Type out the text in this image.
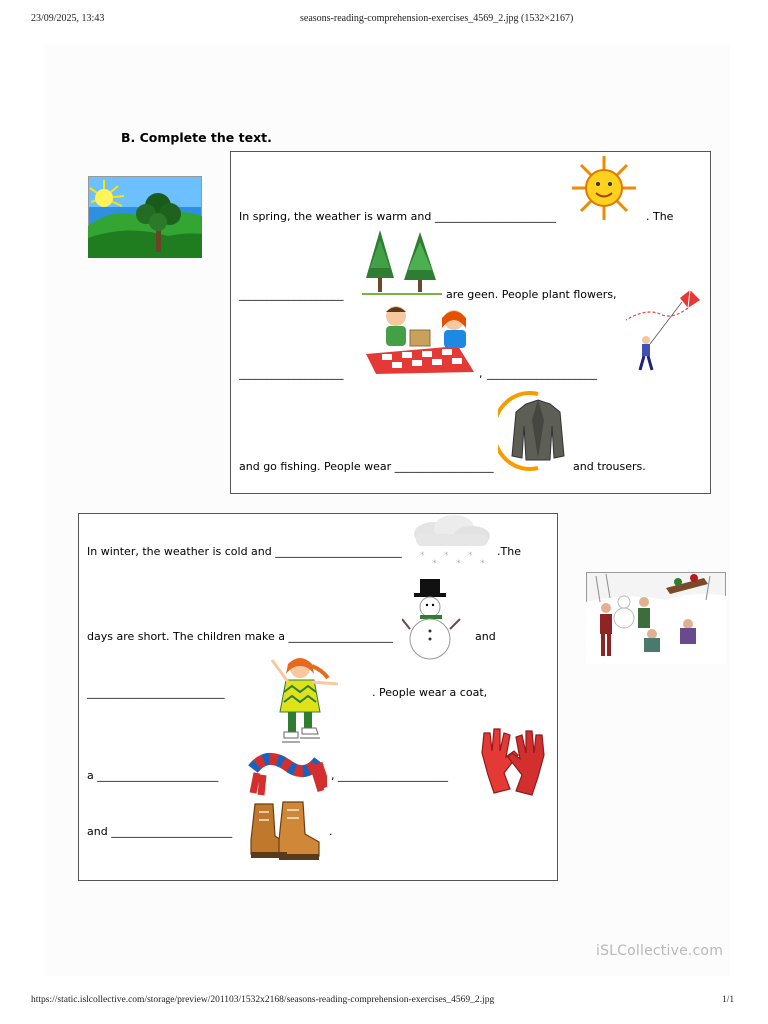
23/09/2025, 13:43	seasons-reading-comprehension-exercises_4569_2.jpg (1532×2167)
B. Complete the text.
In spring, the weather is warm and ______________________	. The
___________________	are geen. People plant flowers,
___________________	, ____________________
and go fishing. People wear __________________	and trousers.
*
*
*
*
*
*
In winter, the weather is cold and _______________________	.The
days are short. The children make a ___________________	and
_________________________	. People wear a coat,
a ______________________	, ____________________
and ______________________	.
iSLCollective.com
https://static.islcollective.com/storage/preview/201103/1532x2168/seasons-reading-comprehension-exercises_4569_2.jpg	1/1
